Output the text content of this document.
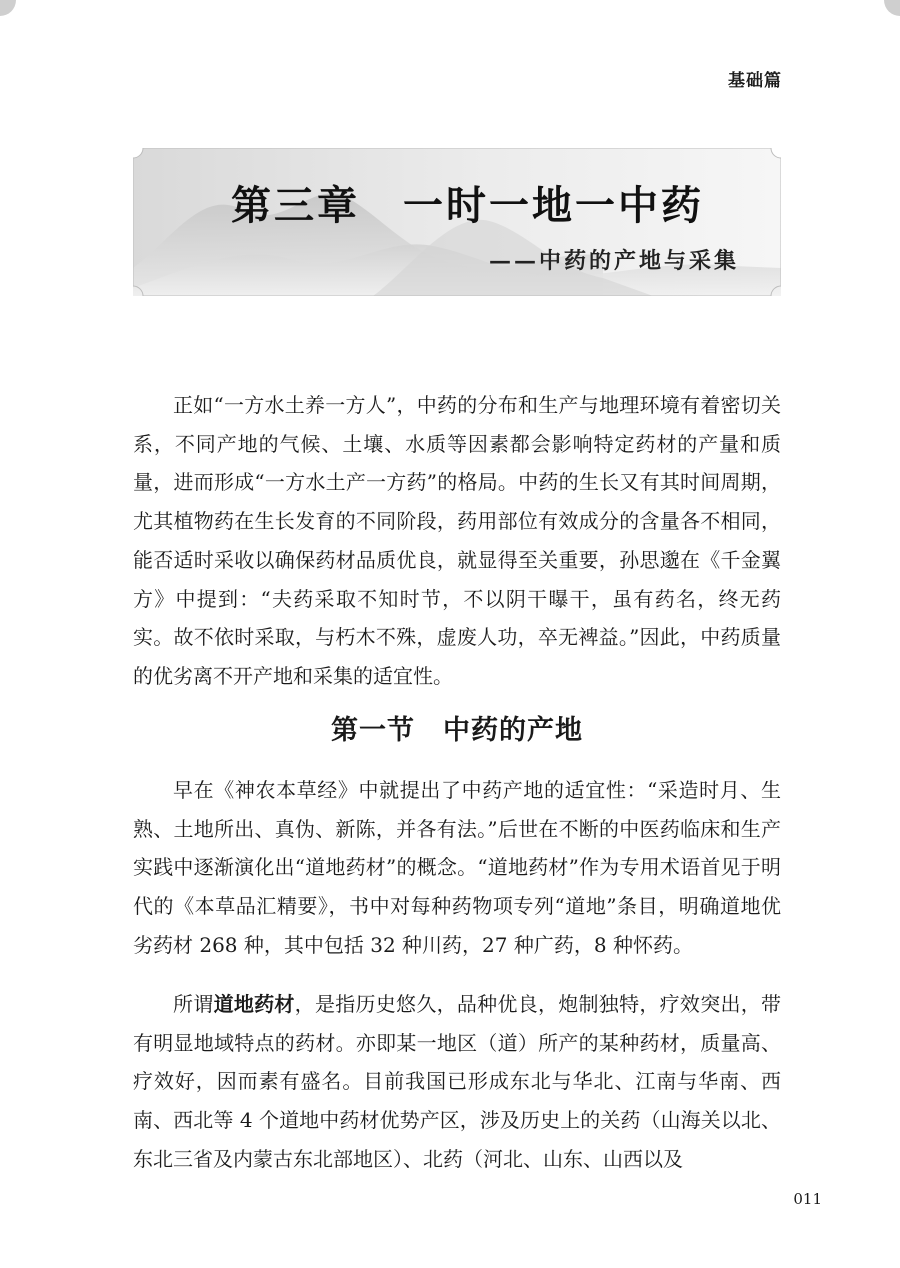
基础篇
第三章　一时一地一中药
——中药的产地与采集

正如“一方水土养一方人”，中药的分布和生产与地理环境有着密切关系，不同产地的气候、土壤、水质等因素都会影响特定药材的产量和质量，进而形成“一方水土产一方药”的格局。中药的生长又有其时间周期，尤其植物药在生长发育的不同阶段，药用部位有效成分的含量各不相同，能否适时采收以确保药材品质优良，就显得至关重要，孙思邈在《千金翼方》中提到：“夫药采取不知时节，不以阴干曝干，虽有药名，终无药实。故不依时采取，与朽木不殊，虚废人功，卒无裨益。”因此，中药质量的优劣离不开产地和采集的适宜性。

第一节　中药的产地

早在《神农本草经》中就提出了中药产地的适宜性：“采造时月、生熟、土地所出、真伪、新陈，并各有法。”后世在不断的中医药临床和生产实践中逐渐演化出“道地药材”的概念。“道地药材”作为专用术语首见于明代的《本草品汇精要》，书中对每种药物项专列“道地”条目，明确道地优劣药材 268 种，其中包括 32 种川药，27 种广药，8 种怀药。

所谓道地药材，是指历史悠久，品种优良，炮制独特，疗效突出，带有明显地域特点的药材。亦即某一地区（道）所产的某种药材，质量高、疗效好，因而素有盛名。目前我国已形成东北与华北、江南与华南、西南、西北等 4 个道地中药材优势产区，涉及历史上的关药（山海关以北、东北三省及内蒙古东北部地区）、北药（河北、山东、山西以及

011
